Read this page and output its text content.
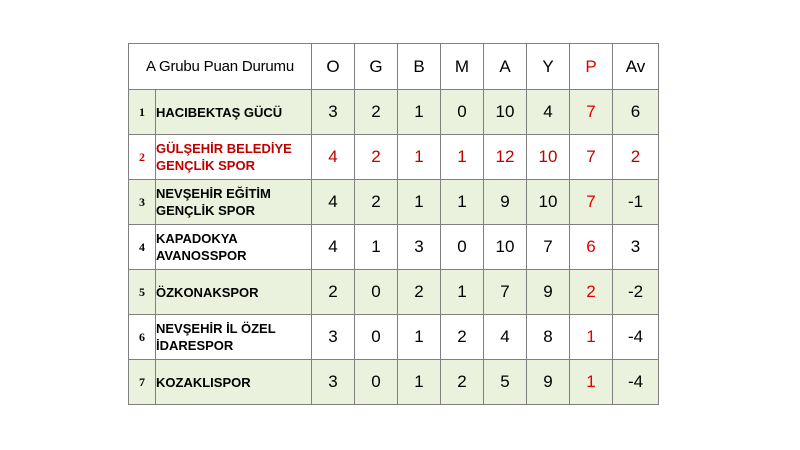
A Grubu Puan Durumu		O	G	B	M	A	Y	P	Av
1	HACIBEKTAŞ GÜCÜ	3	2	1	0	10	4	7	6
2	GÜLŞEHİR BELEDİYE
GENÇLİK SPOR	4	2	1	1	12	10	7	2
3	NEVŞEHİR EĞİTİM
GENÇLİK SPOR	4	2	1	1	9	10	7	-1
4	KAPADOKYA
AVANOSSPOR	4	1	3	0	10	7	6	3
5	ÖZKONAKSPOR	2	0	2	1	7	9	2	-2
6	NEVŞEHİR İL ÖZEL
İDARESPOR	3	0	1	2	4	8	1	-4
7	KOZAKLISPOR	3	0	1	2	5	9	1	-4
